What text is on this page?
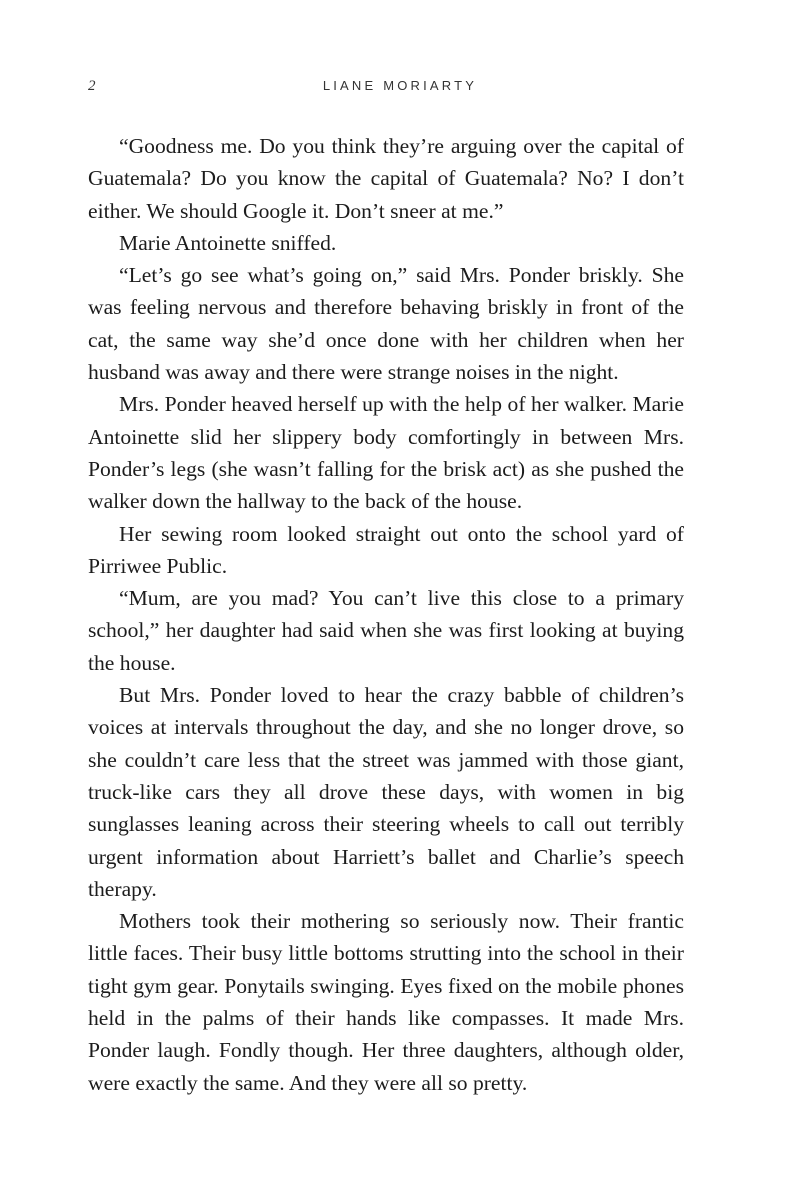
2	LIANE MORIARTY

“Goodness me. Do you think they’re arguing over the capital of Guatemala? Do you know the capital of Guatemala? No? I don’t either. We should Google it. Don’t sneer at me.”

Marie Antoinette sniffed.

“Let’s go see what’s going on,” said Mrs. Ponder briskly. She was feeling nervous and therefore behaving briskly in front of the cat, the same way she’d once done with her children when her husband was away and there were strange noises in the night.

Mrs. Ponder heaved herself up with the help of her walker. Marie Antoinette slid her slippery body comfortingly in between Mrs. Ponder’s legs (she wasn’t falling for the brisk act) as she pushed the walker down the hallway to the back of the house.

Her sewing room looked straight out onto the school yard of Pirriwee Public.

“Mum, are you mad? You can’t live this close to a primary school,” her daughter had said when she was first looking at buying the house.

But Mrs. Ponder loved to hear the crazy babble of children’s voices at intervals throughout the day, and she no longer drove, so she couldn’t care less that the street was jammed with those giant, truck-like cars they all drove these days, with women in big sunglasses leaning across their steering wheels to call out terribly urgent information about Harriett’s ballet and Charlie’s speech therapy.

Mothers took their mothering so seriously now. Their frantic little faces. Their busy little bottoms strutting into the school in their tight gym gear. Ponytails swinging. Eyes fixed on the mobile phones held in the palms of their hands like compasses. It made Mrs. Ponder laugh. Fondly though. Her three daughters, although older, were exactly the same. And they were all so pretty.
